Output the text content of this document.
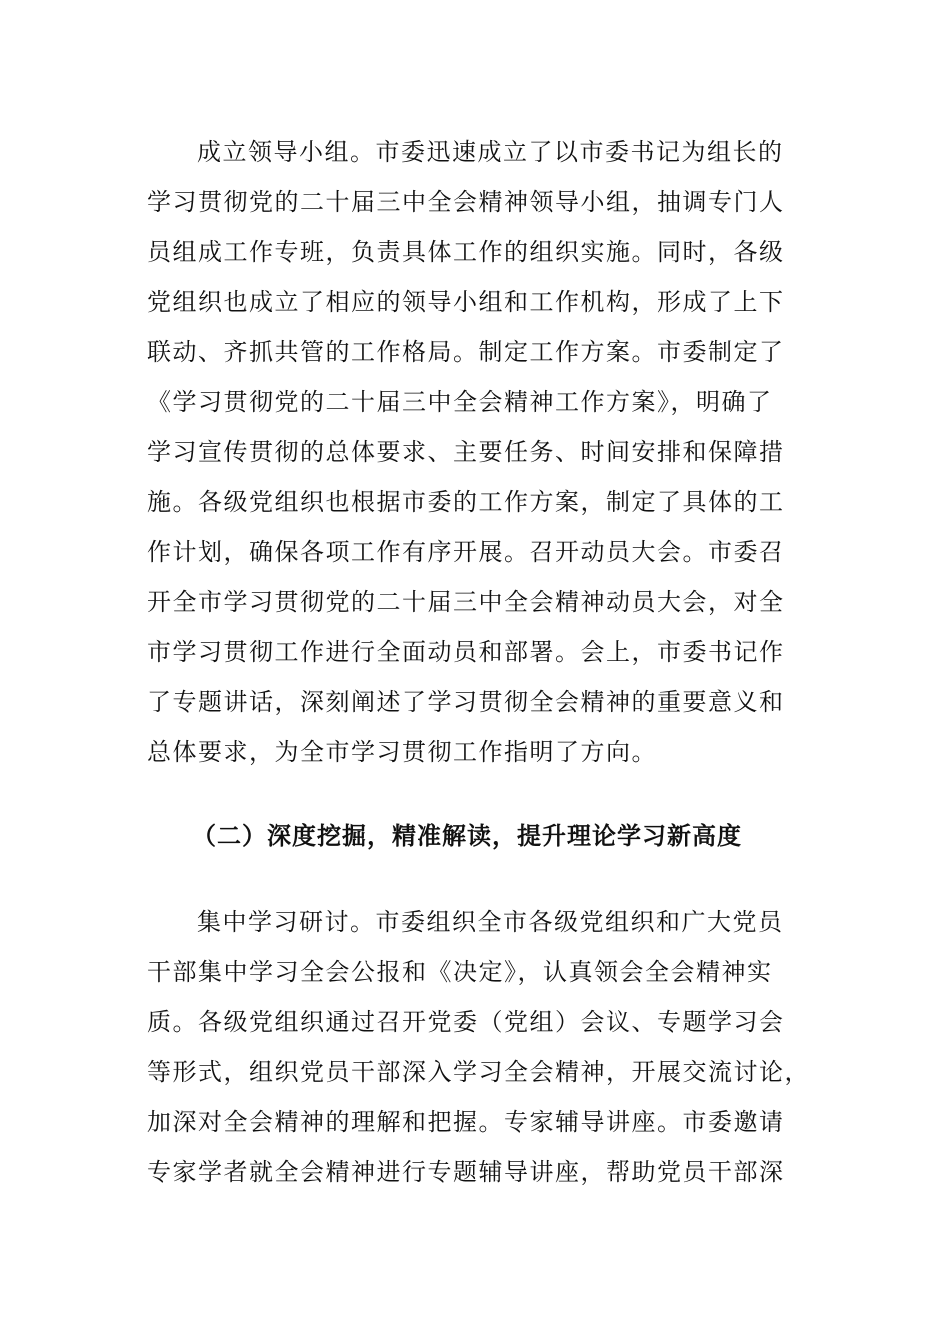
成立领导小组。市委迅速成立了以市委书记为组长的
学习贯彻党的二十届三中全会精神领导小组，抽调专门人
员组成工作专班，负责具体工作的组织实施。同时，各级
党组织也成立了相应的领导小组和工作机构，形成了上下
联动、齐抓共管的工作格局。制定工作方案。市委制定了
《学习贯彻党的二十届三中全会精神工作方案》，明确了
学习宣传贯彻的总体要求、主要任务、时间安排和保障措
施。各级党组织也根据市委的工作方案，制定了具体的工
作计划，确保各项工作有序开展。召开动员大会。市委召
开全市学习贯彻党的二十届三中全会精神动员大会，对全
市学习贯彻工作进行全面动员和部署。会上，市委书记作
了专题讲话，深刻阐述了学习贯彻全会精神的重要意义和
总体要求，为全市学习贯彻工作指明了方向。
（二）深度挖掘，精准解读，提升理论学习新高度
集中学习研讨。市委组织全市各级党组织和广大党员
干部集中学习全会公报和《决定》，认真领会全会精神实
质。各级党组织通过召开党委（党组）会议、专题学习会
等形式，组织党员干部深入学习全会精神，开展交流讨论，
加深对全会精神的理解和把握。专家辅导讲座。市委邀请
专家学者就全会精神进行专题辅导讲座，帮助党员干部深
